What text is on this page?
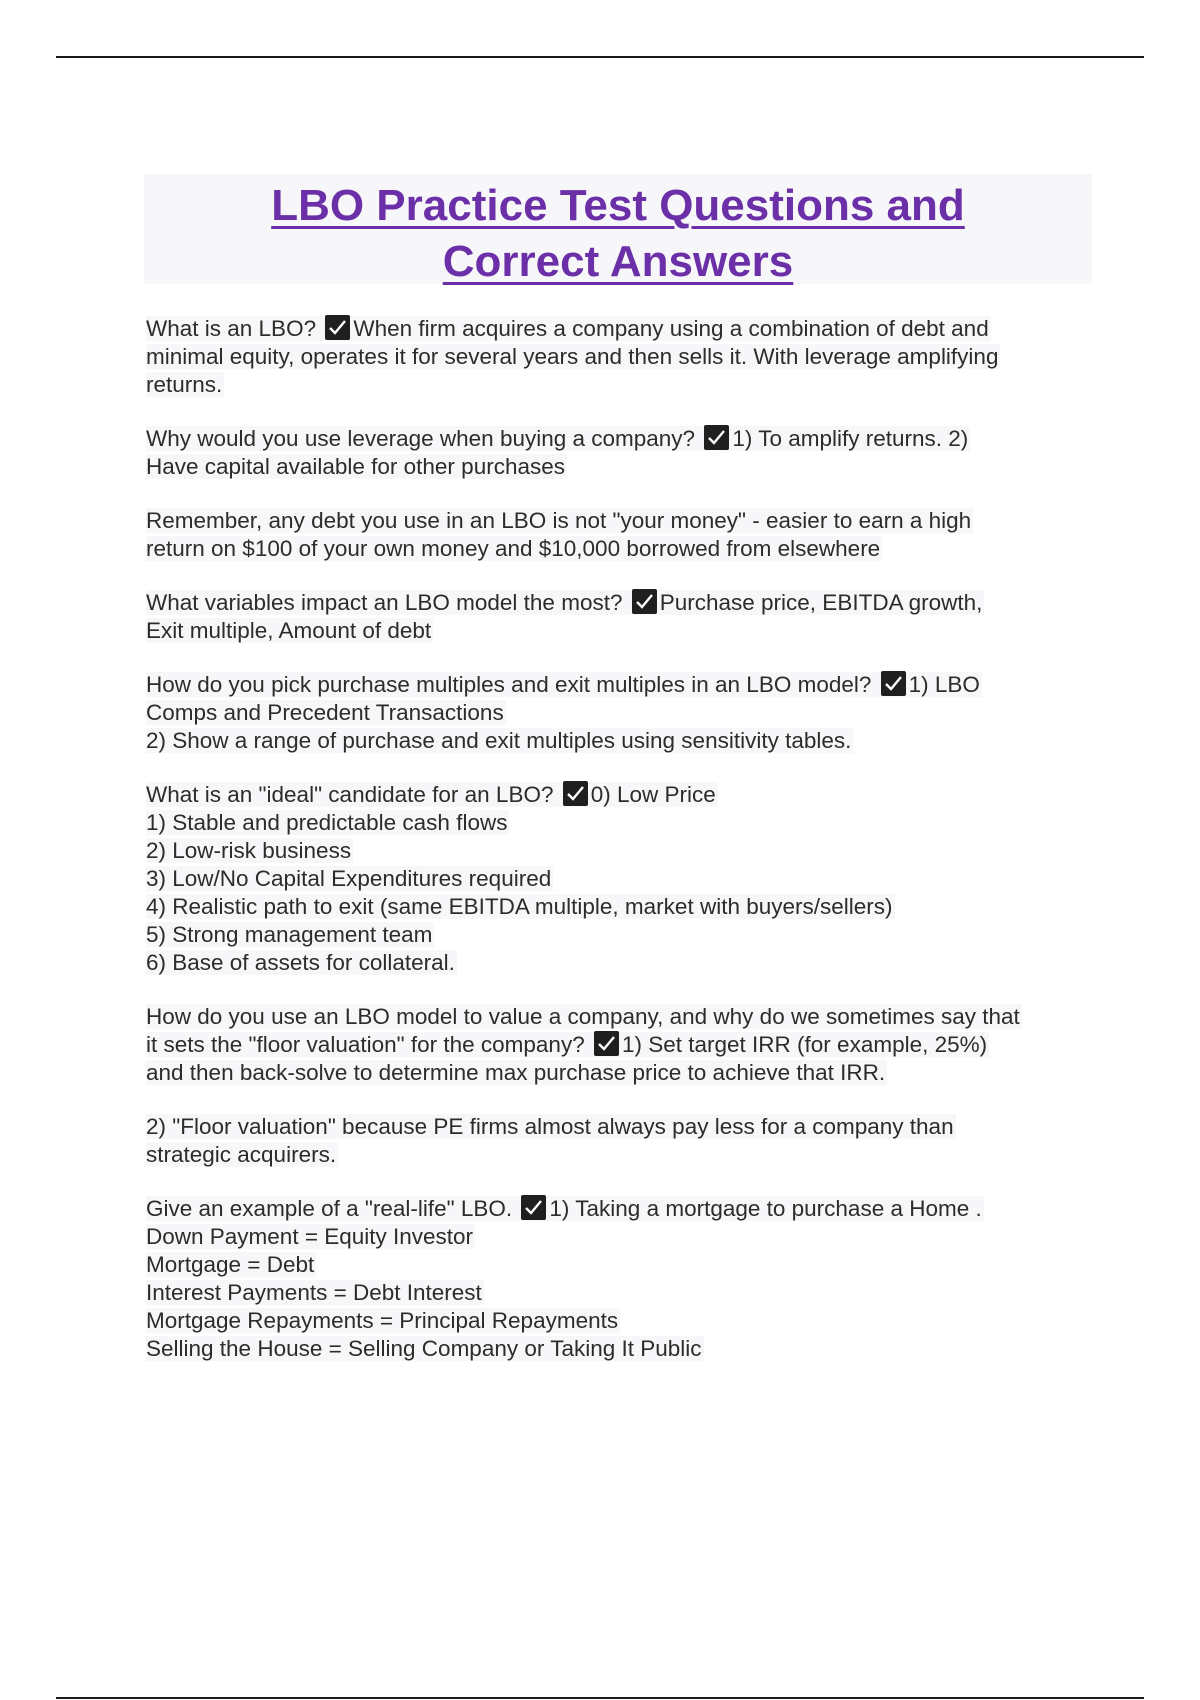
LBO Practice Test Questions and
Correct Answers

What is an LBO? When firm acquires a company using a combination of debt and
minimal equity, operates it for several years and then sells it. With leverage amplifying
returns.

Why would you use leverage when buying a company? 1) To amplify returns. 2)
Have capital available for other purchases

Remember, any debt you use in an LBO is not "your money" - easier to earn a high
return on $100 of your own money and $10,000 borrowed from elsewhere

What variables impact an LBO model the most? Purchase price, EBITDA growth,
Exit multiple, Amount of debt

How do you pick purchase multiples and exit multiples in an LBO model? 1) LBO
Comps and Precedent Transactions
2) Show a range of purchase and exit multiples using sensitivity tables.

What is an "ideal" candidate for an LBO? 0) Low Price
1) Stable and predictable cash flows
2) Low-risk business
3) Low/No Capital Expenditures required
4) Realistic path to exit (same EBITDA multiple, market with buyers/sellers)
5) Strong management team
6) Base of assets for collateral.

How do you use an LBO model to value a company, and why do we sometimes say that
it sets the "floor valuation" for the company? 1) Set target IRR (for example, 25%)
and then back-solve to determine max purchase price to achieve that IRR.

2) "Floor valuation" because PE firms almost always pay less for a company than
strategic acquirers.

Give an example of a "real-life" LBO. 1) Taking a mortgage to purchase a Home .
Down Payment = Equity Investor
Mortgage = Debt
Interest Payments = Debt Interest
Mortgage Repayments = Principal Repayments
Selling the House = Selling Company or Taking It Public
